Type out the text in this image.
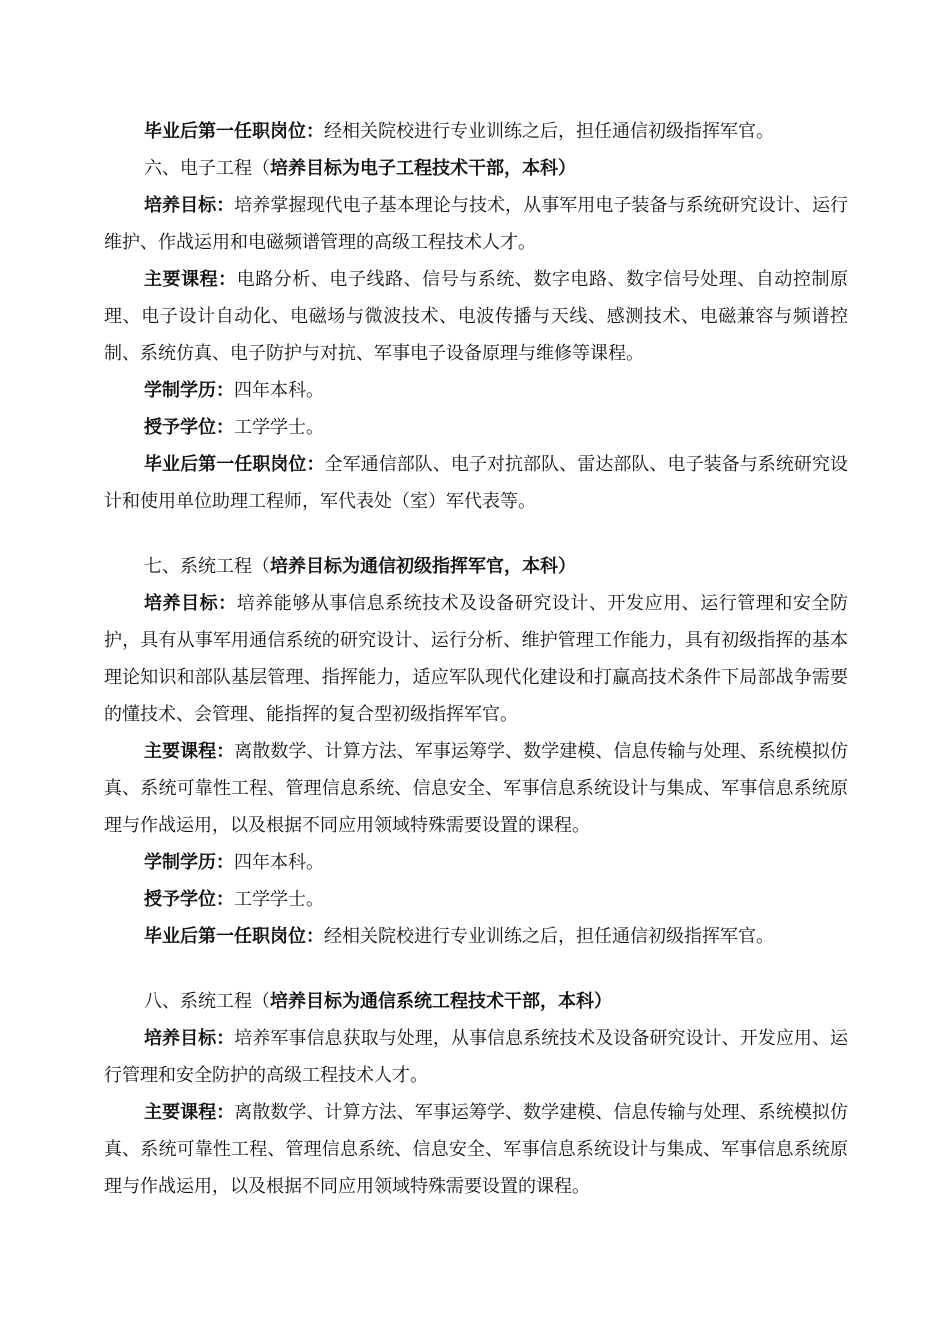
毕业后第一任职岗位：经相关院校进行专业训练之后，担任通信初级指挥军官。

六、电子工程（培养目标为电子工程技术干部，本科）

培养目标：培养掌握现代电子基本理论与技术，从事军用电子装备与系统研究设计、运行维护、作战运用和电磁频谱管理的高级工程技术人才。

主要课程：电路分析、电子线路、信号与系统、数字电路、数字信号处理、自动控制原理、电子设计自动化、电磁场与微波技术、电波传播与天线、感测技术、电磁兼容与频谱控制、系统仿真、电子防护与对抗、军事电子设备原理与维修等课程。

学制学历：四年本科。

授予学位：工学学士。

毕业后第一任职岗位：全军通信部队、电子对抗部队、雷达部队、电子装备与系统研究设计和使用单位助理工程师，军代表处（室）军代表等。

七、系统工程（培养目标为通信初级指挥军官，本科）

培养目标：培养能够从事信息系统技术及设备研究设计、开发应用、运行管理和安全防护，具有从事军用通信系统的研究设计、运行分析、维护管理工作能力，具有初级指挥的基本理论知识和部队基层管理、指挥能力，适应军队现代化建设和打赢高技术条件下局部战争需要的懂技术、会管理、能指挥的复合型初级指挥军官。

主要课程：离散数学、计算方法、军事运筹学、数学建模、信息传输与处理、系统模拟仿真、系统可靠性工程、管理信息系统、信息安全、军事信息系统设计与集成、军事信息系统原理与作战运用，以及根据不同应用领域特殊需要设置的课程。

学制学历：四年本科。

授予学位：工学学士。

毕业后第一任职岗位：经相关院校进行专业训练之后，担任通信初级指挥军官。

八、系统工程（培养目标为通信系统工程技术干部，本科）

培养目标：培养军事信息获取与处理，从事信息系统技术及设备研究设计、开发应用、运行管理和安全防护的高级工程技术人才。

主要课程：离散数学、计算方法、军事运筹学、数学建模、信息传输与处理、系统模拟仿真、系统可靠性工程、管理信息系统、信息安全、军事信息系统设计与集成、军事信息系统原理与作战运用，以及根据不同应用领域特殊需要设置的课程。
